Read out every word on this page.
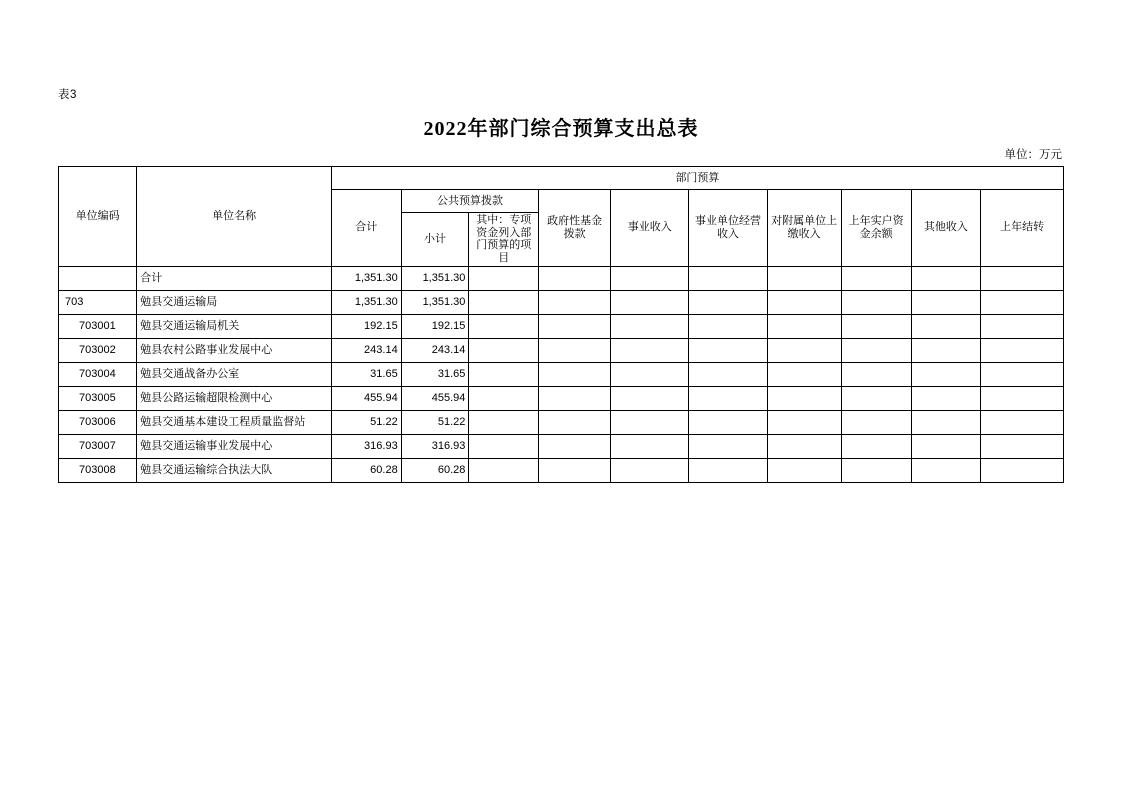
表3
2022年部门综合预算支出总表
单位：万元
单位编码	单位名称	部门预算									
		合计	公共预算拨款		政府性基金拨款	事业收入	事业单位经营收入	对附属单位上缴收入	上年实户资金余额	其他收入	上年结转
			小计	其中：专项资金列入部门预算的项目							
	合计	1,351.30	1,351.30								
703	勉县交通运输局	1,351.30	1,351.30								
703001	勉县交通运输局机关	192.15	192.15								
703002	勉县农村公路事业发展中心	243.14	243.14								
703004	勉县交通战备办公室	31.65	31.65								
703005	勉县公路运输超限检测中心	455.94	455.94								
703006	勉县交通基本建设工程质量监督站	51.22	51.22								
703007	勉县交通运输事业发展中心	316.93	316.93								
703008	勉县交通运输综合执法大队	60.28	60.28								
